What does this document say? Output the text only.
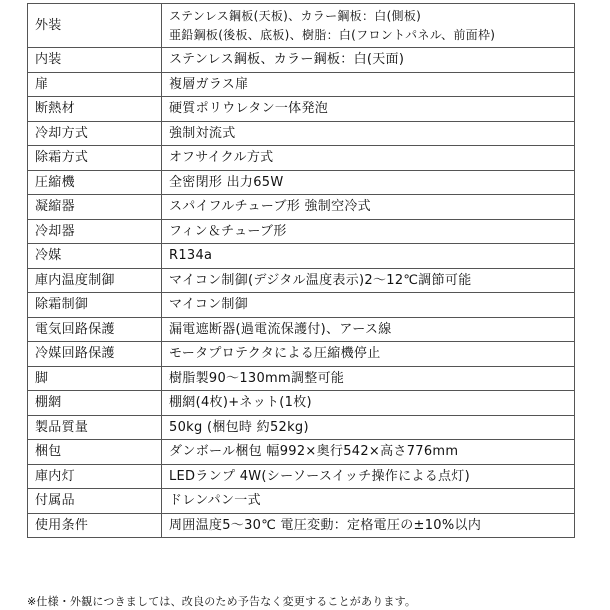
外装	ステンレス鋼板(天板)、カラー鋼板：白(側板)
亜鉛鋼板(後板、底板)、樹脂：白(フロントパネル、前面枠)

内装	ステンレス鋼板、カラー鋼板：白(天面)
扉	複層ガラス扉
断熱材	硬質ポリウレタン一体発泡
冷却方式	強制対流式
除霜方式	オフサイクル方式
圧縮機	全密閉形 出力65W
凝縮器	スパイフルチューブ形 強制空冷式
冷却器	フィン＆チューブ形
冷媒	R134a
庫内温度制御	マイコン制御(デジタル温度表示)2～12℃調節可能
除霜制御	マイコン制御
電気回路保護	漏電遮断器(過電流保護付)、アース線
冷媒回路保護	モータプロテクタによる圧縮機停止
脚	樹脂製90～130mm調整可能
棚網	棚網(4枚)+ネット(1枚)
製品質量	50kg (梱包時 約52kg)
梱包	ダンボール梱包 幅992×奥行542×高さ776mm
庫内灯	LEDランプ 4W(シーソースイッチ操作による点灯)
付属品	ドレンパン一式
使用条件	周囲温度5～30℃ 電圧変動：定格電圧の±10%以内
※仕様・外観につきましては、改良のため予告なく変更することがあります。
